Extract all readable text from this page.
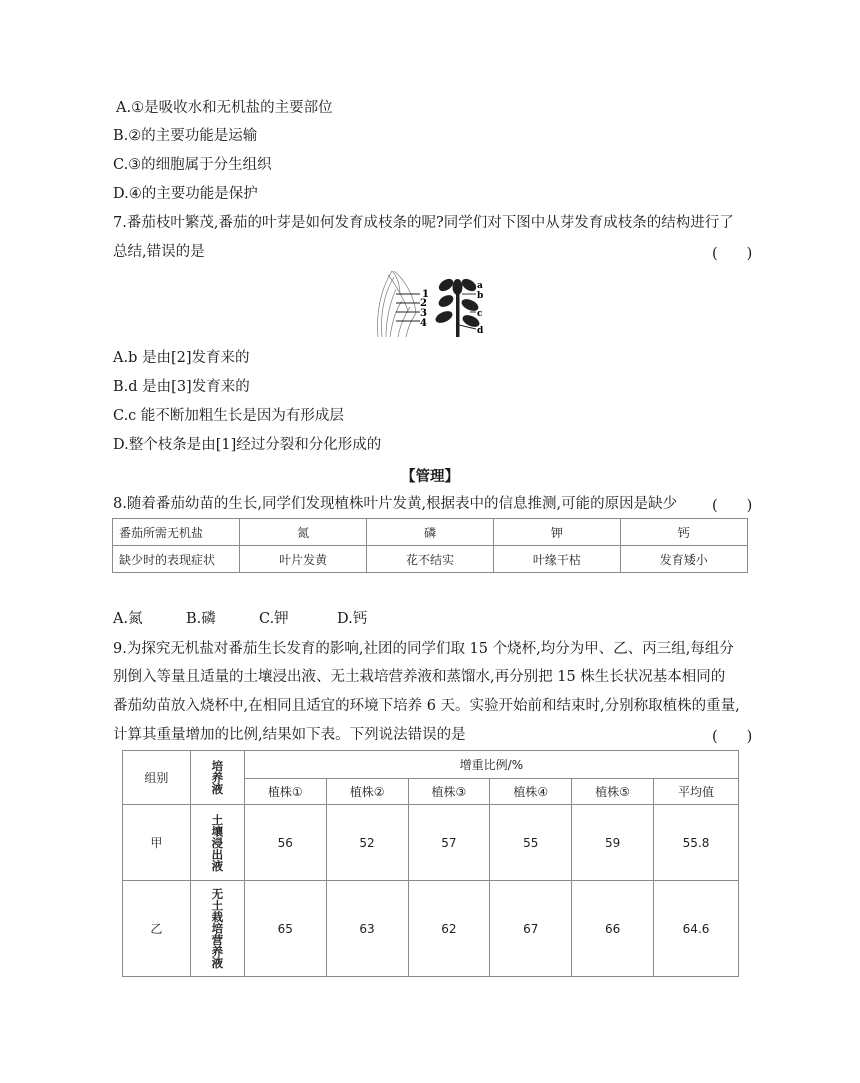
A.①是吸收水和无机盐的主要部位
B.②的主要功能是运输
C.③的细胞属于分生组织
D.④的主要功能是保护
7.番茄枝叶繁茂,番茄的叶芽是如何发育成枝条的呢?同学们对下图中从芽发育成枝条的结构进行了
总结,错误的是	(　　)
1
2
3
4
a
b
c
d
A.b 是由[2]发育来的
B.d 是由[3]发育来的
C.c 能不断加粗生长是因为有形成层
D.整个枝条是由[1]经过分裂和分化形成的
【管理】
8.随着番茄幼苗的生长,同学们发现植株叶片发黄,根据表中的信息推测,可能的原因是缺少 (　　)
番茄所需无机盐	氮	磷	钾	钙
缺少时的表现症状	叶片发黄	花不结实	叶缘干枯	发育矮小
A.氮	B.磷	C.钾	D.钙
9.为探究无机盐对番茄生长发育的影响,社团的同学们取 15 个烧杯,均分为甲、乙、丙三组,每组分
别倒入等量且适量的土壤浸出液、无土栽培营养液和蒸馏水,再分别把 15 株生长状况基本相同的
番茄幼苗放入烧杯中,在相同且适宜的环境下培养 6 天。实验开始前和结束时,分别称取植株的重量,
计算其重量增加的比例,结果如下表。下列说法错误的是	(　　)
组别	培养液	增重比例/%					
		植株①	植株②	植株③	植株④	植株⑤	平均值
甲	土壤浸出液	56	52	57	55	59	55.8
乙	无土栽培营养液	65	63	62	67	66	64.6
